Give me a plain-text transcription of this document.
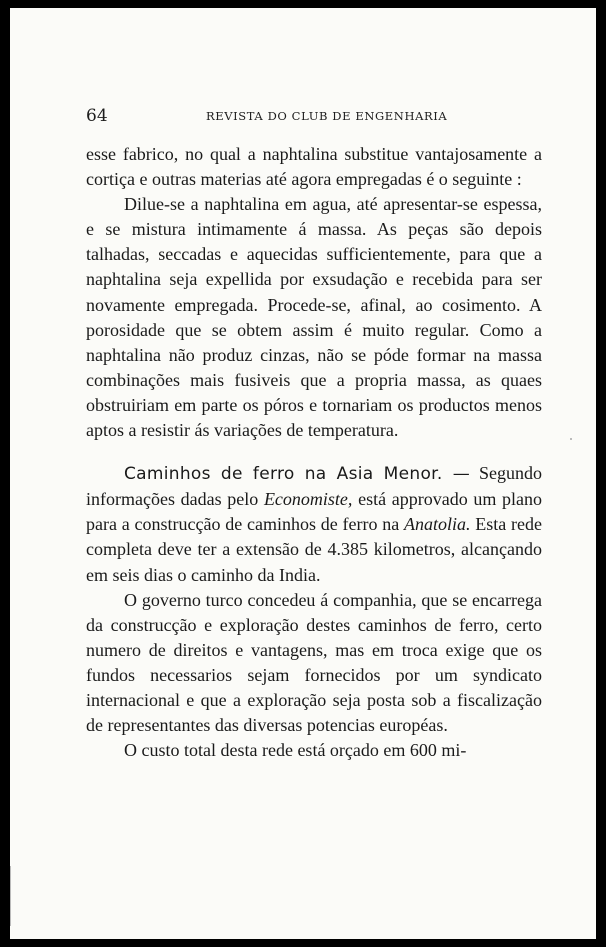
64	REVISTA DO CLUB DE ENGENHARIA

esse fabrico, no qual a naphtalina substitue vantajosamente a cortiça e outras materias até agora empregadas é o seguinte :

Dilue-se a naphtalina em agua, até apresentar-se espessa, e se mistura intimamente á massa. As peças são depois talhadas, seccadas e aquecidas sufficientemente, para que a naphtalina seja expellida por exsudação e recebida para ser novamente empregada. Procede-se, afinal, ao cosimento. A porosidade que se obtem assim é muito regular. Como a naphtalina não produz cinzas, não se póde formar na massa combinações mais fusiveis que a propria massa, as quaes obstruiriam em parte os póros e tornariam os productos menos aptos a resistir ás variações de temperatura.

Caminhos de ferro na Asia Menor. — Segundo informações dadas pelo Economiste, está approvado um plano para a construcção de caminhos de ferro na Anatolia. Esta rede completa deve ter a extensão de 4.385 kilometros, alcançando em seis dias o caminho da India.

O governo turco concedeu á companhia, que se encarrega da construcção e exploração destes caminhos de ferro, certo numero de direitos e vantagens, mas em troca exige que os fundos necessarios sejam fornecidos por um syndicato internacional e que a exploração seja posta sob a fiscalização de representantes das diversas potencias européas.

O custo total desta rede está orçado em 600 mi-
